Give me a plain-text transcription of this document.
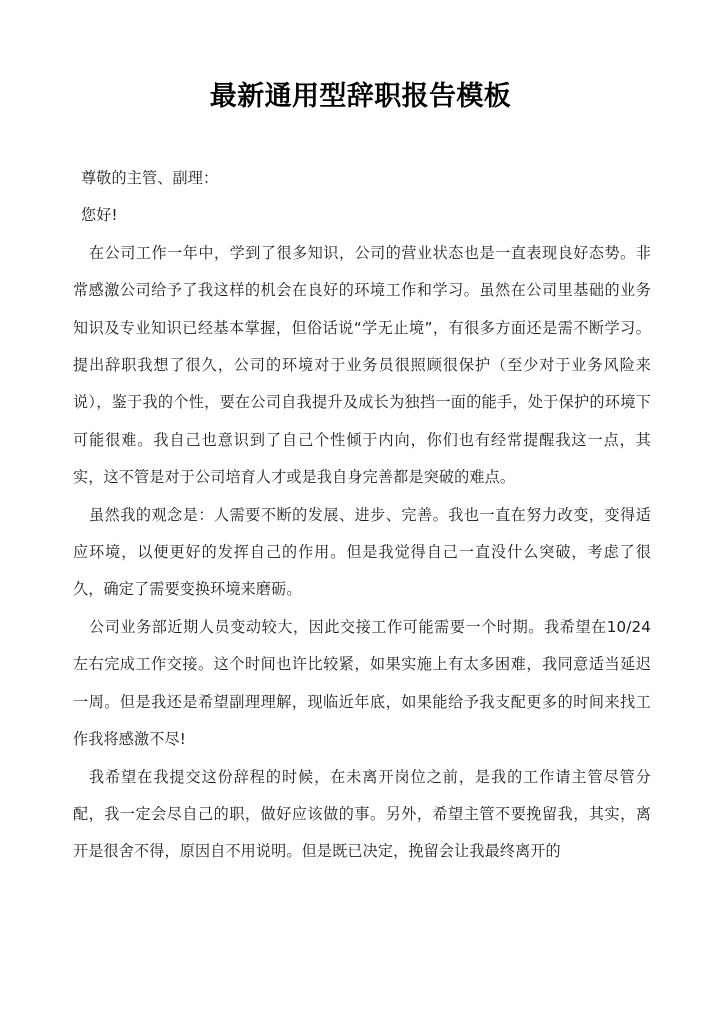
最新通用型辞职报告模板

尊敬的主管、副理：

您好!

在公司工作一年中，学到了很多知识，公司的营业状态也是一直表现良好态势。非常感激公司给予了我这样的机会在良好的环境工作和学习。虽然在公司里基础的业务知识及专业知识已经基本掌握，但俗话说“学无止境”，有很多方面还是需不断学习。提出辞职我想了很久，公司的环境对于业务员很照顾很保护（至少对于业务风险来说），鉴于我的个性，要在公司自我提升及成长为独挡一面的能手，处于保护的环境下可能很难。我自己也意识到了自己个性倾于内向，你们也有经常提醒我这一点，其实，这不管是对于公司培育人才或是我自身完善都是突破的难点。

虽然我的观念是：人需要不断的发展、进步、完善。我也一直在努力改变，变得适应环境，以便更好的发挥自己的作用。但是我觉得自己一直没什么突破，考虑了很久，确定了需要变换环境来磨砺。

公司业务部近期人员变动较大，因此交接工作可能需要一个时期。我希望在10/24左右完成工作交接。这个时间也许比较紧，如果实施上有太多困难，我同意适当延迟一周。但是我还是希望副理理解，现临近年底，如果能给予我支配更多的时间来找工作我将感激不尽!

我希望在我提交这份辞程的时候，在未离开岗位之前，是我的工作请主管尽管分配，我一定会尽自己的职，做好应该做的事。另外，希望主管不要挽留我，其实，离开是很舍不得，原因自不用说明。但是既已决定，挽留会让我最终离开的
